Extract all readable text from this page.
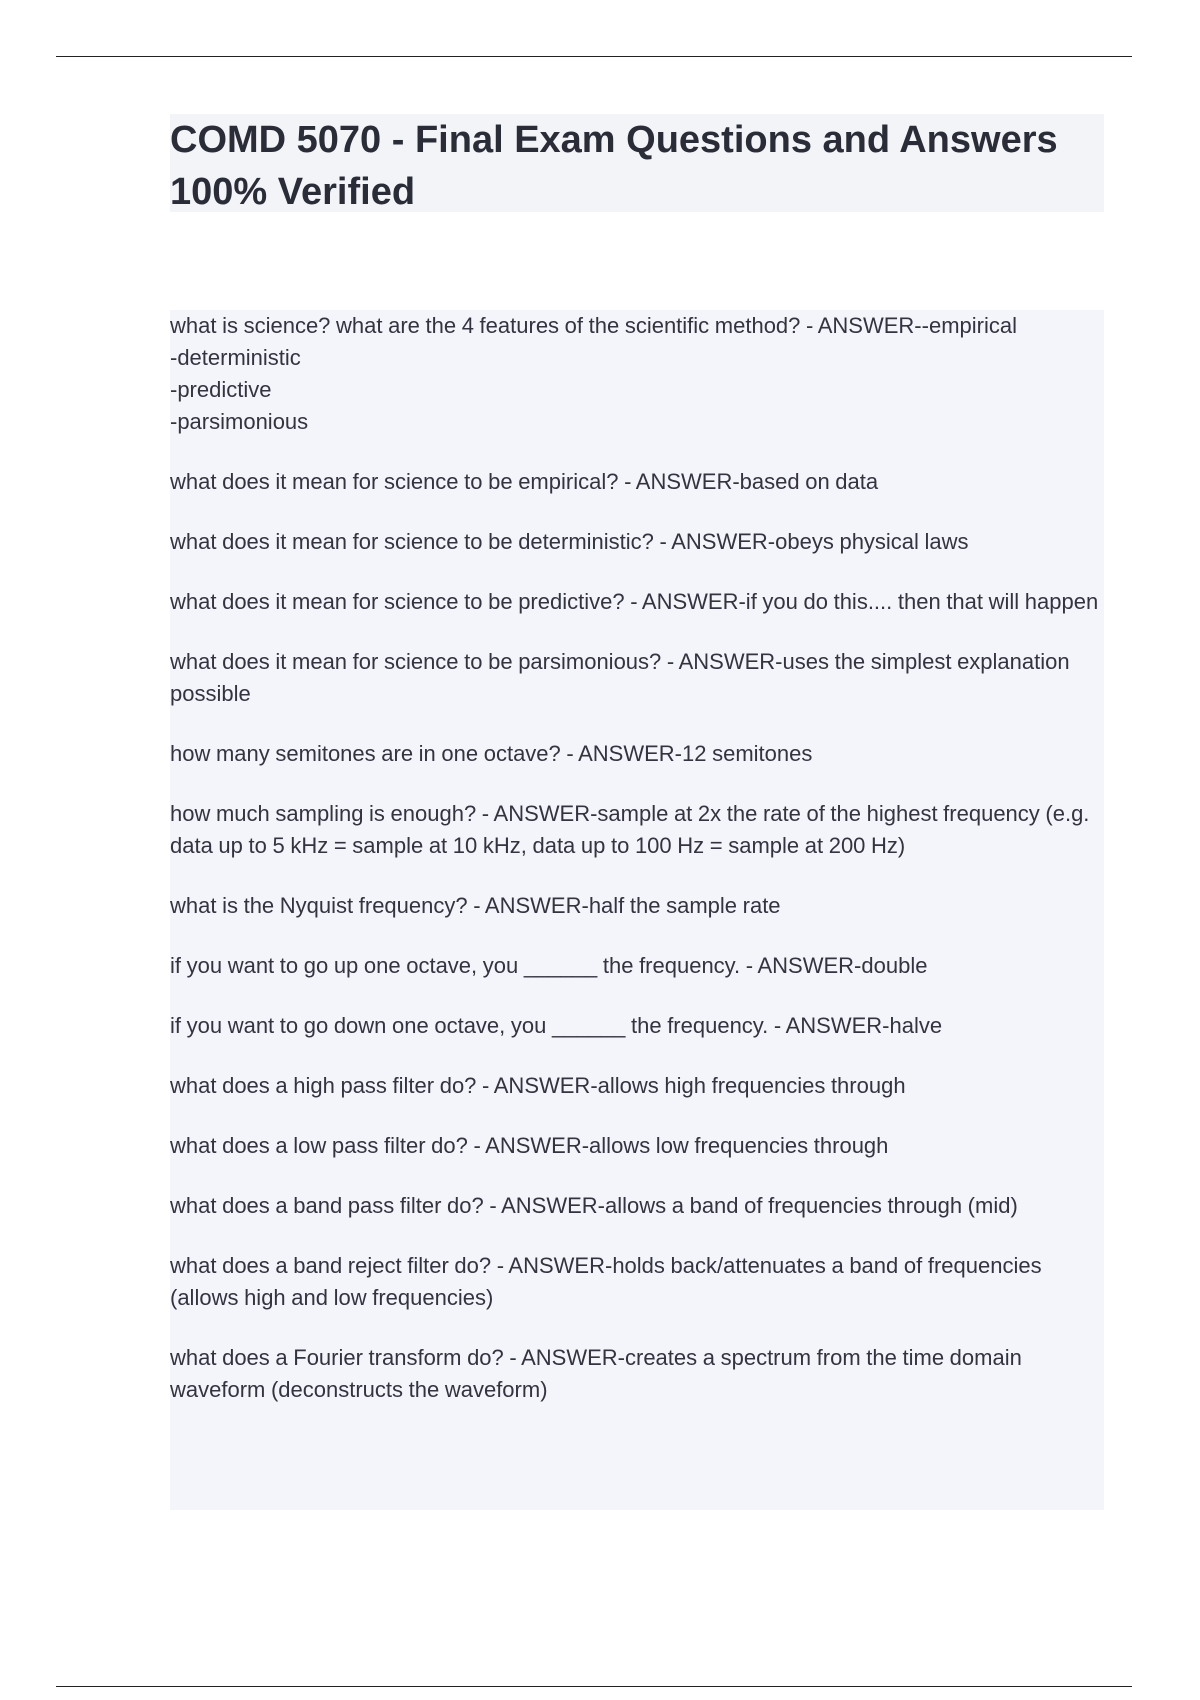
COMD 5070 - Final Exam Questions and Answers 100% Verified
what is science? what are the 4 features of the scientific method? - ANSWER--empirical
-deterministic
-predictive
-parsimonious
what does it mean for science to be empirical? - ANSWER-based on data
what does it mean for science to be deterministic? - ANSWER-obeys physical laws
what does it mean for science to be predictive? - ANSWER-if you do this.... then that will happen
what does it mean for science to be parsimonious? - ANSWER-uses the simplest explanation possible
how many semitones are in one octave? - ANSWER-12 semitones
how much sampling is enough? - ANSWER-sample at 2x the rate of the highest frequency (e.g. data up to 5 kHz = sample at 10 kHz, data up to 100 Hz = sample at 200 Hz)
what is the Nyquist frequency? - ANSWER-half the sample rate
if you want to go up one octave, you ______ the frequency. - ANSWER-double
if you want to go down one octave, you ______ the frequency. - ANSWER-halve
what does a high pass filter do? - ANSWER-allows high frequencies through
what does a low pass filter do? - ANSWER-allows low frequencies through
what does a band pass filter do? - ANSWER-allows a band of frequencies through (mid)
what does a band reject filter do? - ANSWER-holds back/attenuates a band of frequencies (allows high and low frequencies)
what does a Fourier transform do? - ANSWER-creates a spectrum from the time domain waveform (deconstructs the waveform)
